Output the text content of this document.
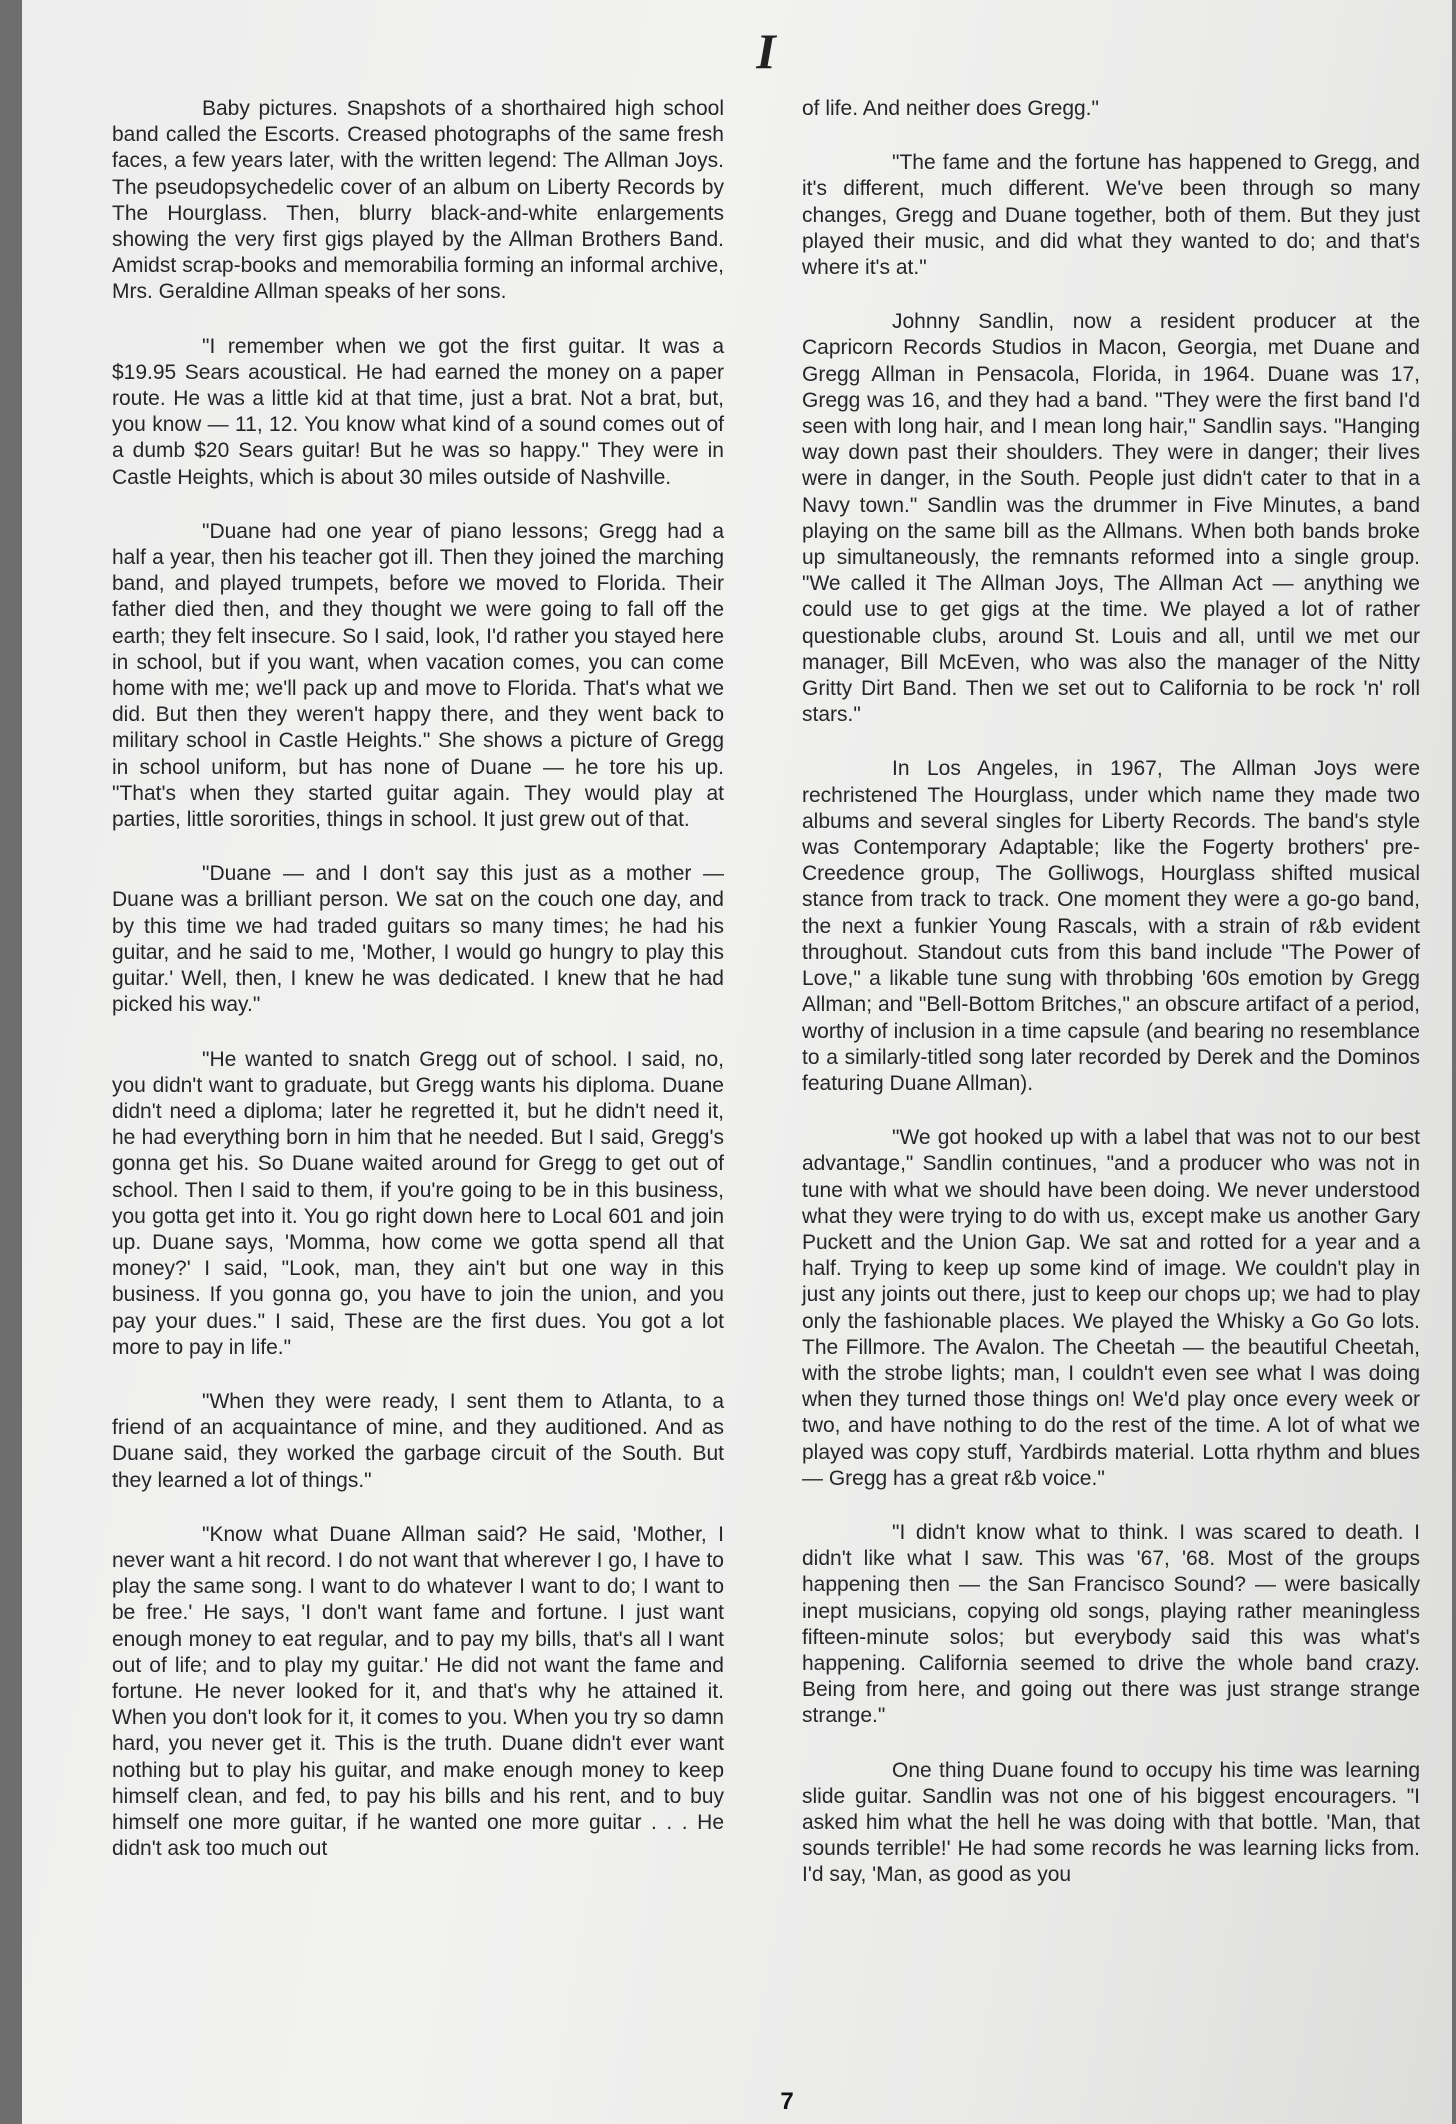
I

Baby pictures. Snapshots of a shorthaired high school band called the Escorts. Creased photographs of the same fresh faces, a few years later, with the written legend: The Allman Joys. The pseudopsychedelic cover of an album on Liberty Records by The Hourglass. Then, blurry black-and-white enlargements showing the very first gigs played by the Allman Brothers Band. Amidst scrap-books and memorabilia forming an informal archive, Mrs. Geraldine Allman speaks of her sons.

"I remember when we got the first guitar. It was a $19.95 Sears acoustical. He had earned the money on a paper route. He was a little kid at that time, just a brat. Not a brat, but, you know — 11, 12. You know what kind of a sound comes out of a dumb $20 Sears guitar! But he was so happy." They were in Castle Heights, which is about 30 miles outside of Nashville.

"Duane had one year of piano lessons; Gregg had a half a year, then his teacher got ill. Then they joined the marching band, and played trumpets, before we moved to Florida. Their father died then, and they thought we were going to fall off the earth; they felt insecure. So I said, look, I'd rather you stayed here in school, but if you want, when vacation comes, you can come home with me; we'll pack up and move to Florida. That's what we did. But then they weren't happy there, and they went back to military school in Castle Heights." She shows a picture of Gregg in school uniform, but has none of Duane — he tore his up. "That's when they started guitar again. They would play at parties, little sororities, things in school. It just grew out of that.

"Duane — and I don't say this just as a mother — Duane was a brilliant person. We sat on the couch one day, and by this time we had traded guitars so many times; he had his guitar, and he said to me, 'Mother, I would go hungry to play this guitar.' Well, then, I knew he was dedicated. I knew that he had picked his way."

"He wanted to snatch Gregg out of school. I said, no, you didn't want to graduate, but Gregg wants his diploma. Duane didn't need a diploma; later he regretted it, but he didn't need it, he had everything born in him that he needed. But I said, Gregg's gonna get his. So Duane waited around for Gregg to get out of school. Then I said to them, if you're going to be in this business, you gotta get into it. You go right down here to Local 601 and join up. Duane says, 'Momma, how come we gotta spend all that money?' I said, "Look, man, they ain't but one way in this business. If you gonna go, you have to join the union, and you pay your dues." I said, These are the first dues. You got a lot more to pay in life."

"When they were ready, I sent them to Atlanta, to a friend of an acquaintance of mine, and they auditioned. And as Duane said, they worked the garbage circuit of the South. But they learned a lot of things."

"Know what Duane Allman said? He said, 'Mother, I never want a hit record. I do not want that wherever I go, I have to play the same song. I want to do whatever I want to do; I want to be free.' He says, 'I don't want fame and fortune. I just want enough money to eat regular, and to pay my bills, that's all I want out of life; and to play my guitar.' He did not want the fame and fortune. He never looked for it, and that's why he attained it. When you don't look for it, it comes to you. When you try so damn hard, you never get it. This is the truth. Duane didn't ever want nothing but to play his guitar, and make enough money to keep himself clean, and fed, to pay his bills and his rent, and to buy himself one more guitar, if he wanted one more guitar . . . He didn't ask too much out

of life. And neither does Gregg."

"The fame and the fortune has happened to Gregg, and it's different, much different. We've been through so many changes, Gregg and Duane together, both of them. But they just played their music, and did what they wanted to do; and that's where it's at."

Johnny Sandlin, now a resident producer at the Capricorn Records Studios in Macon, Georgia, met Duane and Gregg Allman in Pensacola, Florida, in 1964. Duane was 17, Gregg was 16, and they had a band. "They were the first band I'd seen with long hair, and I mean long hair," Sandlin says. "Hanging way down past their shoulders. They were in danger; their lives were in danger, in the South. People just didn't cater to that in a Navy town." Sandlin was the drummer in Five Minutes, a band playing on the same bill as the Allmans. When both bands broke up simultaneously, the remnants reformed into a single group. "We called it The Allman Joys, The Allman Act — anything we could use to get gigs at the time. We played a lot of rather questionable clubs, around St. Louis and all, until we met our manager, Bill McEven, who was also the manager of the Nitty Gritty Dirt Band. Then we set out to California to be rock 'n' roll stars."

In Los Angeles, in 1967, The Allman Joys were rechristened The Hourglass, under which name they made two albums and several singles for Liberty Records. The band's style was Contemporary Adaptable; like the Fogerty brothers' pre-Creedence group, The Golliwogs, Hourglass shifted musical stance from track to track. One moment they were a go-go band, the next a funkier Young Rascals, with a strain of r&b evident throughout. Standout cuts from this band include "The Power of Love," a likable tune sung with throbbing '60s emotion by Gregg Allman; and "Bell-Bottom Britches," an obscure artifact of a period, worthy of inclusion in a time capsule (and bearing no resemblance to a similarly-titled song later recorded by Derek and the Dominos featuring Duane Allman).

"We got hooked up with a label that was not to our best advantage," Sandlin continues, "and a producer who was not in tune with what we should have been doing. We never understood what they were trying to do with us, except make us another Gary Puckett and the Union Gap. We sat and rotted for a year and a half. Trying to keep up some kind of image. We couldn't play in just any joints out there, just to keep our chops up; we had to play only the fashionable places. We played the Whisky a Go Go lots. The Fillmore. The Avalon. The Cheetah — the beautiful Cheetah, with the strobe lights; man, I couldn't even see what I was doing when they turned those things on! We'd play once every week or two, and have nothing to do the rest of the time. A lot of what we played was copy stuff, Yardbirds material. Lotta rhythm and blues — Gregg has a great r&b voice."

"I didn't know what to think. I was scared to death. I didn't like what I saw. This was '67, '68. Most of the groups happening then — the San Francisco Sound? — were basically inept musicians, copying old songs, playing rather meaningless fifteen-minute solos; but everybody said this was what's happening. California seemed to drive the whole band crazy. Being from here, and going out there was just strange strange strange."

One thing Duane found to occupy his time was learning slide guitar. Sandlin was not one of his biggest encouragers. "I asked him what the hell he was doing with that bottle. 'Man, that sounds terrible!' He had some records he was learning licks from. I'd say, 'Man, as good as you

7
